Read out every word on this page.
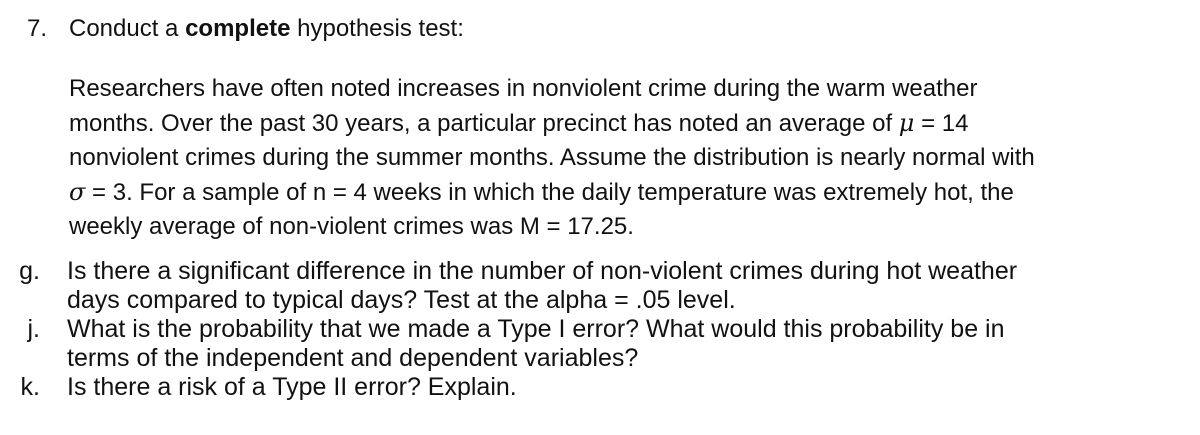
7. Conduct a complete hypothesis test:
Researchers have often noted increases in nonviolent crime during the warm weather
months. Over the past 30 years, a particular precinct has noted an average of μ = 14
nonviolent crimes during the summer months. Assume the distribution is nearly normal with
σ = 3. For a sample of n = 4 weeks in which the daily temperature was extremely hot, the
weekly average of non-violent crimes was M = 17.25.
g. Is there a significant difference in the number of non-violent crimes during hot weather
days compared to typical days? Test at the alpha = .05 level.
j. What is the probability that we made a Type I error? What would this probability be in
terms of the independent and dependent variables?
k. Is there a risk of a Type II error? Explain.
